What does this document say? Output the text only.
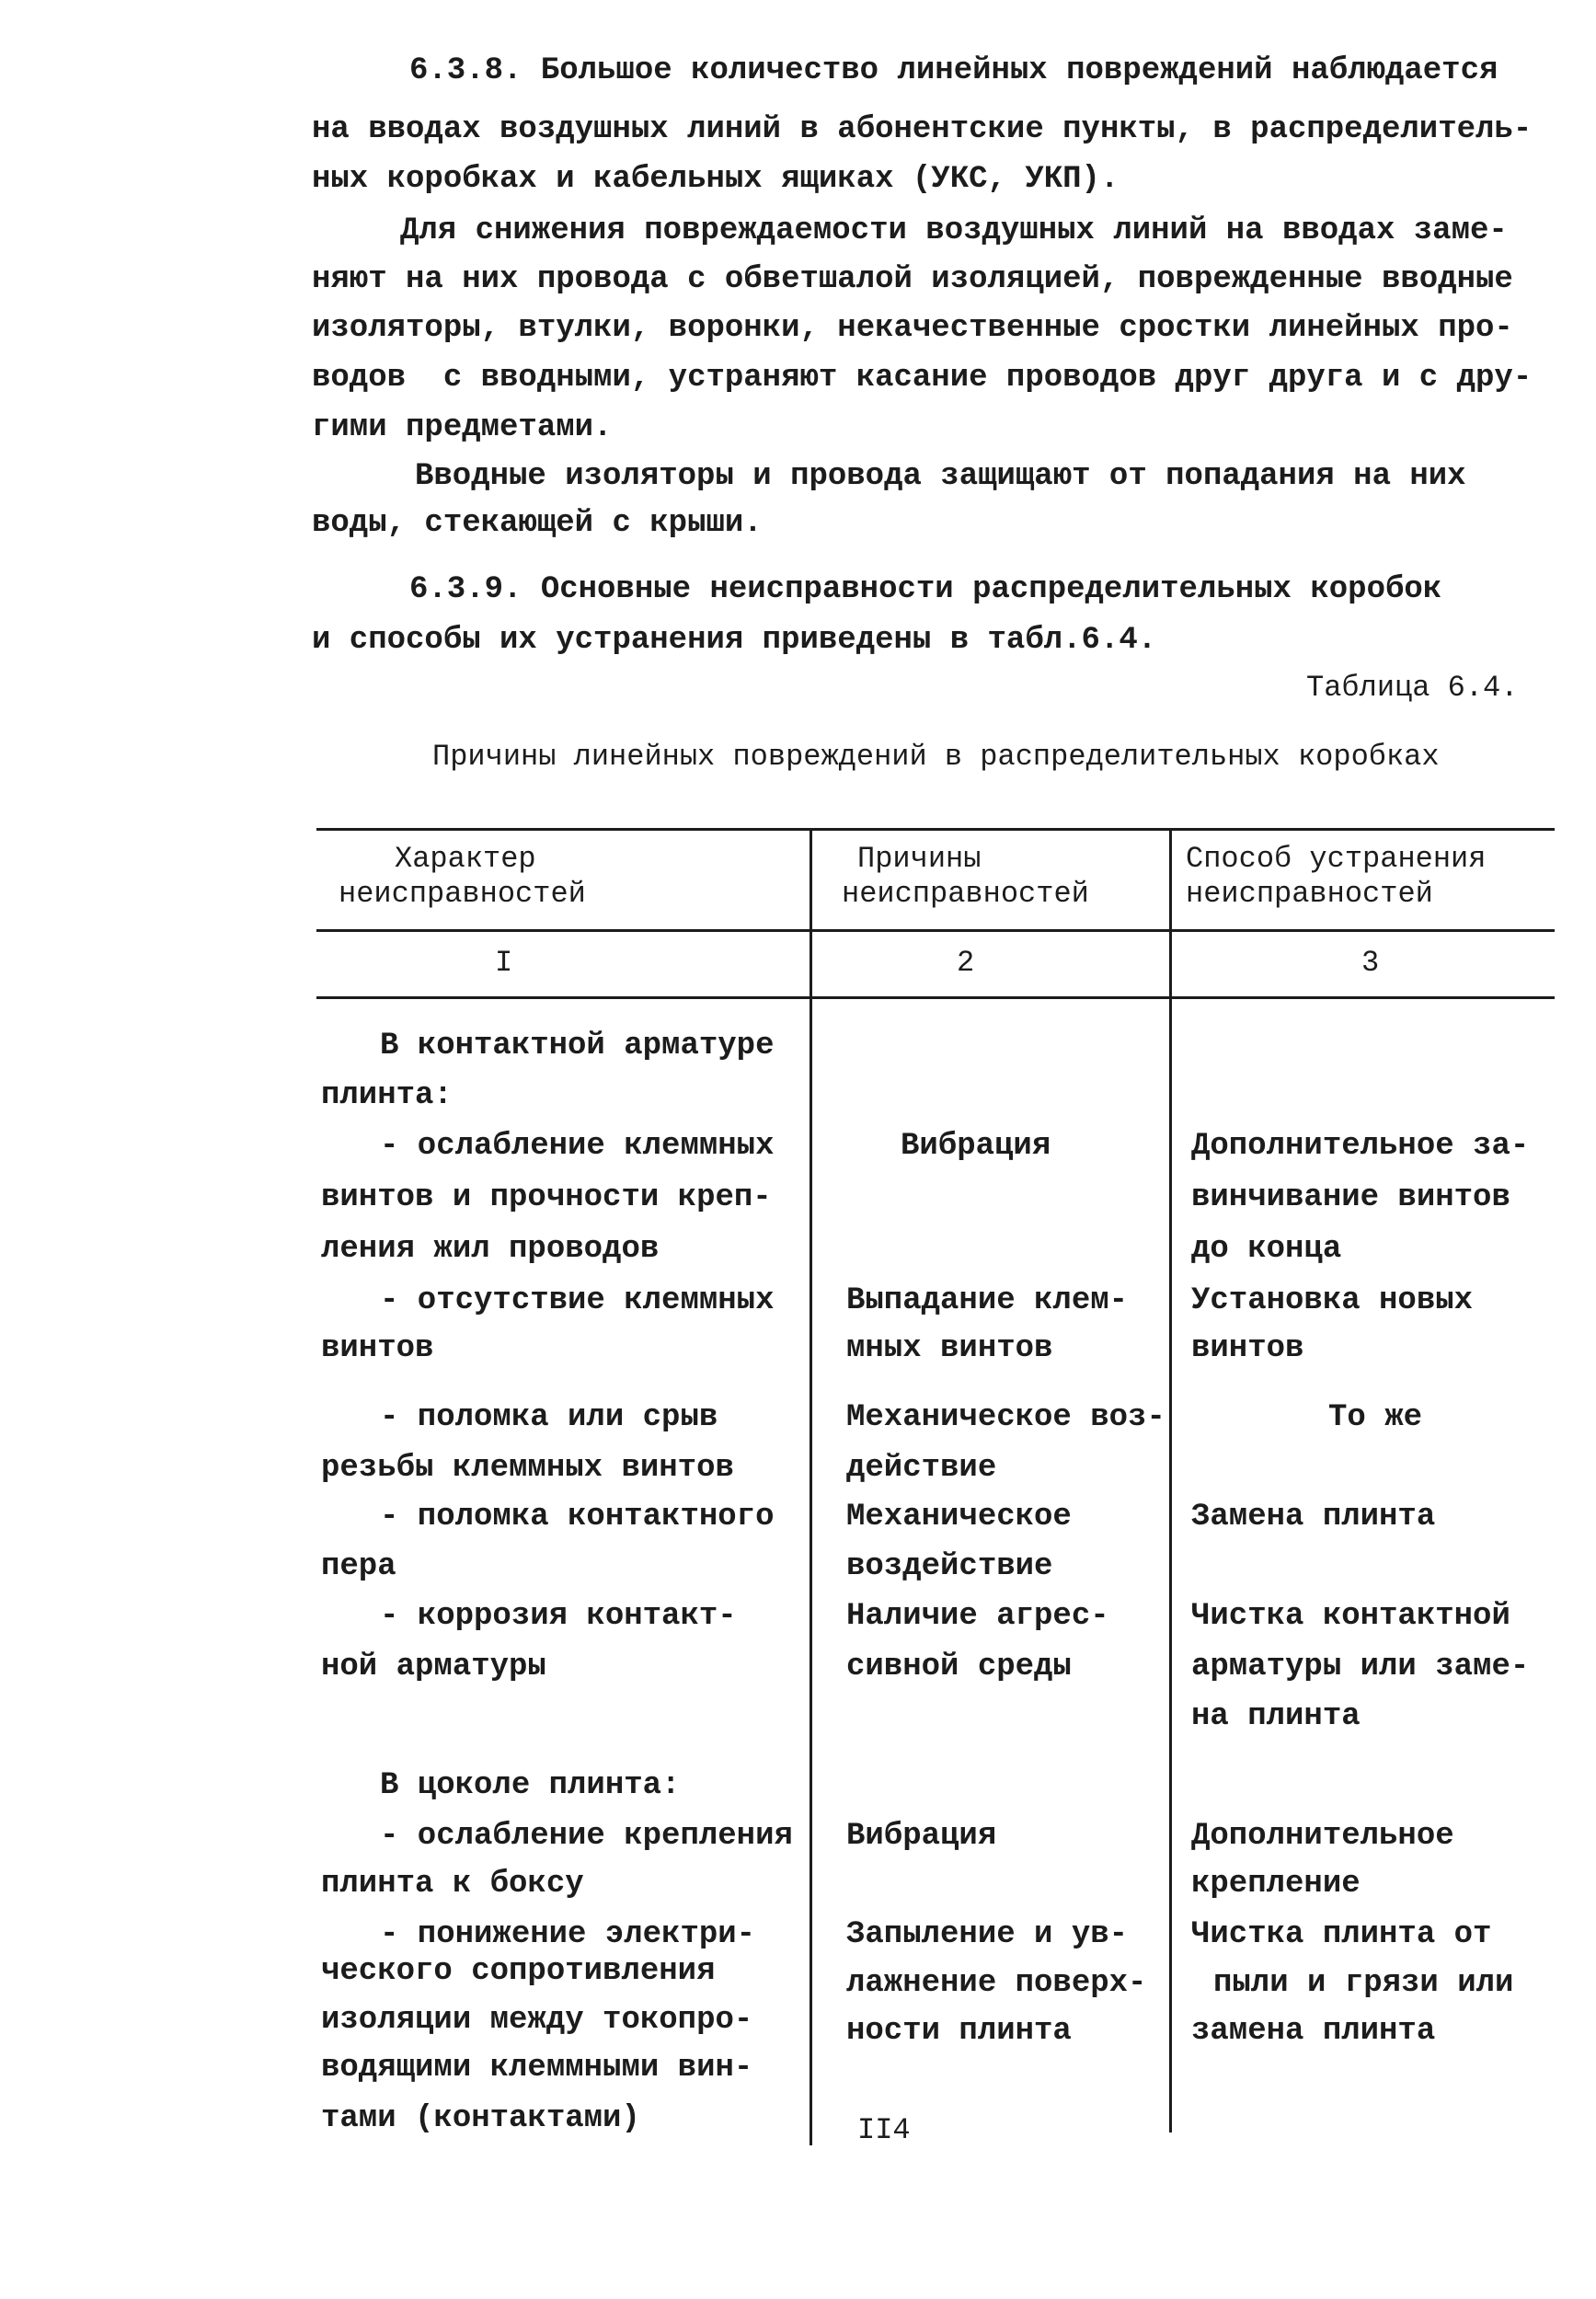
6.3.8. Большое количество линейных повреждений наблюдается
на вводах воздушных линий в абонентские пункты, в распределитель-
ных коробках и кабельных ящиках (УКС, УКП).
Для снижения повреждаемости воздушных линий на вводах заме-
няют на них провода с обветшалой изоляцией, поврежденные вводные
изоляторы, втулки, воронки, некачественные сростки линейных про-
водов  с вводными, устраняют касание проводов друг друга и с дру-
гими предметами.
Вводные изоляторы и провода защищают от попадания на них
воды, стекающей с крыши.
6.3.9. Основные неисправности распределительных коробок
и способы их устранения приведены в табл.6.4.
Таблица 6.4.
Причины линейных повреждений в распределительных коробках
Характер
неисправностей
Причины
неисправностей
Способ устранения
неисправностей
I	2	3
В контактной арматуре
плинта:
- ослабление клеммных
винтов и прочности креп-
ления жил проводов
- отсутствие клеммных
винтов
- поломка или срыв
резьбы клеммных винтов
- поломка контактного
пера
- коррозия контакт-
ной арматуры
В цоколе плинта:
- ослабление крепления
плинта к боксу
- понижение электри-
ческого сопротивления
изоляции между токопро-
водящими клеммными вин-
тами (контактами)
Вибрация
Выпадание клем-
мных винтов
Механическое воз-
действие
Механическое
воздействие
Наличие агрес-
сивной среды
Вибрация
Запыление и ув-
лажнение поверх-
ности плинта
Дополнительное за-
винчивание винтов
до конца
Установка новых
винтов
То же
Замена плинта
Чистка контактной
арматуры или заме-
на плинта
Дополнительное
крепление
Чистка плинта от
пыли и грязи или
замена плинта
II4
